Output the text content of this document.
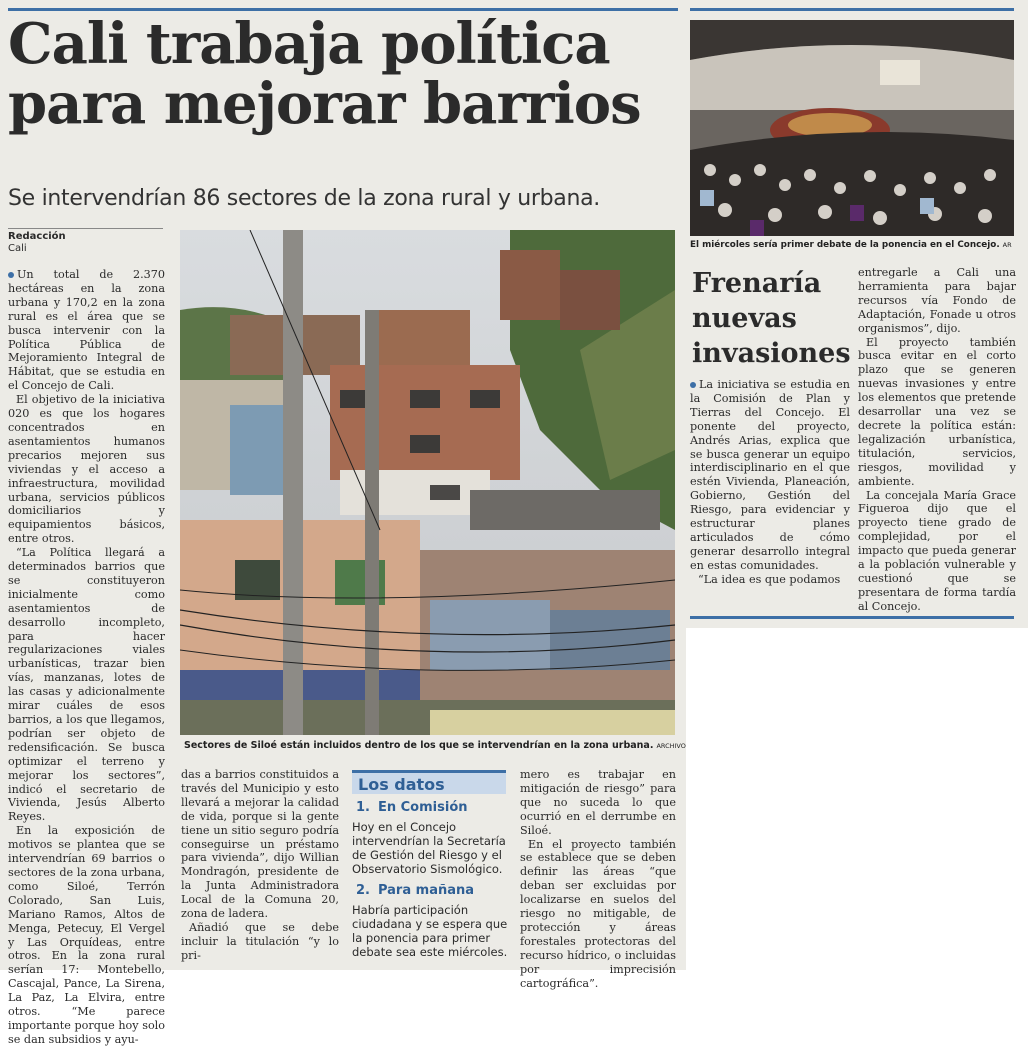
Cali trabaja política para mejorar barrios
Se intervendrían 86 sectores de la zona rural y urbana.
Redacción
Cali

Un total de 2.370 hectáreas en la zona urbana y 170,2 en la zona rural es el área que se busca intervenir con la Política Pública de Mejoramiento Integral de Hábitat, que se estudia en el Concejo de Cali.

El objetivo de la iniciativa 020 es que los hogares concentrados en asentamientos humanos precarios mejoren sus viviendas y el acceso a infraestructura, movilidad urbana, servicios públicos domiciliarios y equipamientos básicos, entre otros.

“La Política llegará a determinados barrios que se constituyeron inicialmente como asentamientos de desarrollo incompleto, para hacer regularizaciones viales urbanísticas, trazar bien vías, manzanas, lotes de las casas y adicionalmente mirar cuáles de esos barrios, a los que llegamos, podrían ser objeto de redensificación. Se busca optimizar el terreno y mejorar los sectores”, indicó el secretario de Vivienda, Jesús Alberto Reyes.

En la exposición de motivos se plantea que se intervendrían 69 barrios o sectores de la zona urbana, como Siloé, Terrón Colorado, San Luis, Mariano Ramos, Altos de Menga, Petecuy, El Vergel y Las Orquídeas, entre otros. En la zona rural serían 17: Montebello, Cascajal, Pance, La Sirena, La Paz, La Elvira, entre otros. “Me parece importante porque hoy solo se dan subsidios y ayu-

Sectores de Siloé están incluidos dentro de los que se intervendrían en la zona urbana. ARCHIVO

das a barrios constituidos a través del Municipio y esto llevará a mejorar la calidad de vida, porque si la gente tiene un sitio seguro podría conseguirse un préstamo para vivienda”, dijo Willian Mondragón, presidente de la Junta Administradora Local de la Comuna 20, zona de ladera.

Añadió que se debe incluir la titulación “y lo pri-

Los datos
1. En Comisión
Hoy en el Concejo intervendrían la Secretaría de Gestión del Riesgo y el Observatorio Sismológico.
2. Para mañana
Habría participación ciudadana y se espera que la ponencia para primer debate sea este miércoles.

mero es trabajar en mitigación de riesgo” para que no suceda lo que ocurrió en el derrumbe en Siloé.

En el proyecto también se establece que se deben definir las áreas “que deban ser excluidas por localizarse en suelos del riesgo no mitigable, de protección y áreas forestales protectoras del recurso hídrico, o incluidas por imprecisión cartográfica”.

El miércoles sería primer debate de la ponencia en el Concejo. AR
Frenaría nuevas invasiones

La iniciativa se estudia en la Comisión de Plan y Tierras del Concejo. El ponente del proyecto, Andrés Arias, explica que se busca generar un equipo interdisciplinario en el que estén Vivienda, Planeación, Gobierno, Gestión del Riesgo, para evidenciar y estructurar planes articulados de cómo generar desarrollo integral en estas comunidades.

“La idea es que podamos

entregarle a Cali una herramienta para bajar recursos vía Fondo de Adaptación, Fonade u otros organismos”, dijo.

El proyecto también busca evitar en el corto plazo que se generen nuevas invasiones y entre los elementos que pretende desarrollar una vez se decrete la política están: legalización urbanística, titulación, servicios, riesgos, movilidad y ambiente.

La concejala María Grace Figueroa dijo que el proyecto tiene grado de complejidad, por el impacto que pueda generar a la población vulnerable y cuestionó que se presentara de forma tardía al Concejo.
